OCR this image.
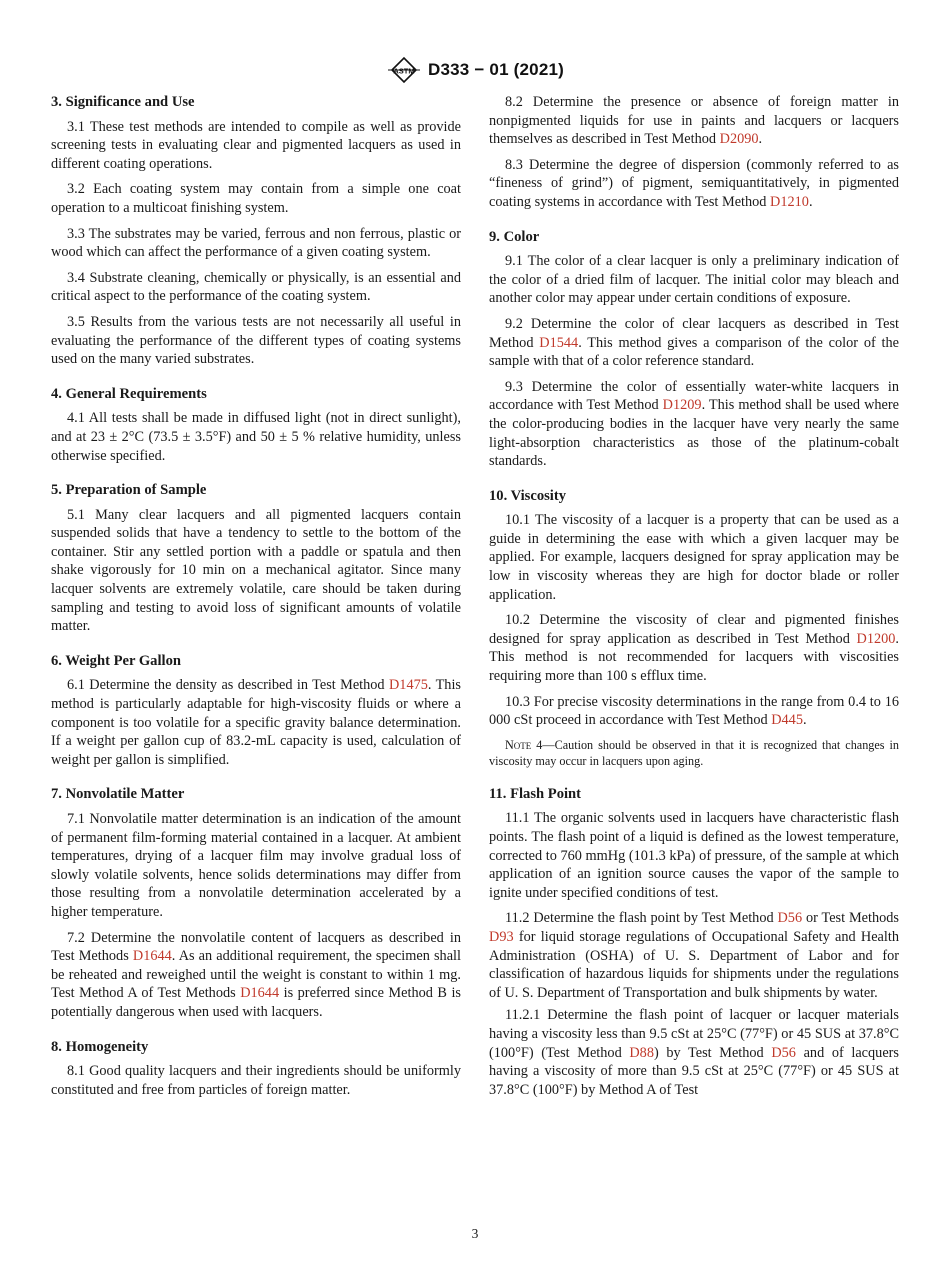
ASTM D333 − 01 (2021)
3. Significance and Use

3.1 These test methods are intended to compile as well as provide screening tests in evaluating clear and pigmented lacquers as used in different coating operations.

3.2 Each coating system may contain from a simple one coat operation to a multicoat finishing system.

3.3 The substrates may be varied, ferrous and non ferrous, plastic or wood which can affect the performance of a given coating system.

3.4 Substrate cleaning, chemically or physically, is an essential and critical aspect to the performance of the coating system.

3.5 Results from the various tests are not necessarily all useful in evaluating the performance of the different types of coating systems used on the many varied substrates.

4. General Requirements

4.1 All tests shall be made in diffused light (not in direct sunlight), and at 23 ± 2°C (73.5 ± 3.5°F) and 50 ± 5 % relative humidity, unless otherwise specified.

5. Preparation of Sample

5.1 Many clear lacquers and all pigmented lacquers contain suspended solids that have a tendency to settle to the bottom of the container. Stir any settled portion with a paddle or spatula and then shake vigorously for 10 min on a mechanical agitator. Since many lacquer solvents are extremely volatile, care should be taken during sampling and testing to avoid loss of significant amounts of volatile matter.

6. Weight Per Gallon

6.1 Determine the density as described in Test Method D1475. This method is particularly adaptable for high-viscosity fluids or where a component is too volatile for a specific gravity balance determination. If a weight per gallon cup of 83.2-mL capacity is used, calculation of weight per gallon is simplified.

7. Nonvolatile Matter

7.1 Nonvolatile matter determination is an indication of the amount of permanent film-forming material contained in a lacquer. At ambient temperatures, drying of a lacquer film may involve gradual loss of slowly volatile solvents, hence solids determinations may differ from those resulting from a nonvolatile determination accelerated by a higher temperature.

7.2 Determine the nonvolatile content of lacquers as described in Test Methods D1644. As an additional requirement, the specimen shall be reheated and reweighed until the weight is constant to within 1 mg. Test Method A of Test Methods D1644 is preferred since Method B is potentially dangerous when used with lacquers.

8. Homogeneity

8.1 Good quality lacquers and their ingredients should be uniformly constituted and free from particles of foreign matter.

8.2 Determine the presence or absence of foreign matter in nonpigmented liquids for use in paints and lacquers or lacquers themselves as described in Test Method D2090.

8.3 Determine the degree of dispersion (commonly referred to as “fineness of grind”) of pigment, semiquantitatively, in pigmented coating systems in accordance with Test Method D1210.

9. Color

9.1 The color of a clear lacquer is only a preliminary indication of the color of a dried film of lacquer. The initial color may bleach and another color may appear under certain conditions of exposure.

9.2 Determine the color of clear lacquers as described in Test Method D1544. This method gives a comparison of the color of the sample with that of a color reference standard.

9.3 Determine the color of essentially water-white lacquers in accordance with Test Method D1209. This method shall be used where the color-producing bodies in the lacquer have very nearly the same light-absorption characteristics as those of the platinum-cobalt standards.

10. Viscosity

10.1 The viscosity of a lacquer is a property that can be used as a guide in determining the ease with which a given lacquer may be applied. For example, lacquers designed for spray application may be low in viscosity whereas they are high for doctor blade or roller application.

10.2 Determine the viscosity of clear and pigmented finishes designed for spray application as described in Test Method D1200. This method is not recommended for lacquers with viscosities requiring more than 100 s efflux time.

10.3 For precise viscosity determinations in the range from 0.4 to 16 000 cSt proceed in accordance with Test Method D445.

Note 4—Caution should be observed in that it is recognized that changes in viscosity may occur in lacquers upon aging.

11. Flash Point

11.1 The organic solvents used in lacquers have characteristic flash points. The flash point of a liquid is defined as the lowest temperature, corrected to 760 mmHg (101.3 kPa) of pressure, of the sample at which application of an ignition source causes the vapor of the sample to ignite under specified conditions of test.

11.2 Determine the flash point by Test Method D56 or Test Methods D93 for liquid storage regulations of Occupational Safety and Health Administration (OSHA) of U. S. Department of Labor and for classification of hazardous liquids for shipments under the regulations of U. S. Department of Transportation and bulk shipments by water.

11.2.1 Determine the flash point of lacquer or lacquer materials having a viscosity less than 9.5 cSt at 25°C (77°F) or 45 SUS at 37.8°C (100°F) (Test Method D88) by Test Method D56 and of lacquers having a viscosity of more than 9.5 cSt at 25°C (77°F) or 45 SUS at 37.8°C (100°F) by Method A of Test

3
